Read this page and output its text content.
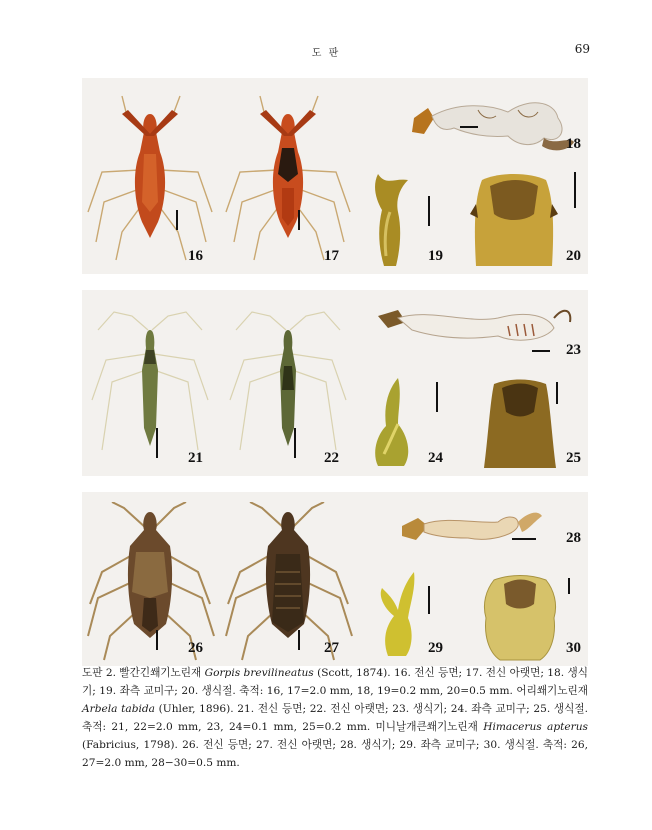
도 판	69
16	17
18
19	20
21	22
23
24	25
26	27
28
29	30
도판 2. 빨간긴쐐기노린재 Gorpis brevilineatus (Scott, 1874). 16. 전신 등면; 17. 전신 아랫면; 18. 생식기; 19. 좌측 교미구; 20. 생식절. 축적: 16, 17=2.0 mm, 18, 19=0.2 mm, 20=0.5 mm. 어리쐐기노린재 Arbela tabida (Uhler, 1896). 21. 전신 등면; 22. 전신 아랫면; 23. 생식기; 24. 좌측 교미구; 25. 생식절. 축적: 21, 22=2.0 mm, 23, 24=0.1 mm, 25=0.2 mm. 미니날개큰쐐기노린재 Himacerus apterus (Fabricius, 1798). 26. 전신 등면; 27. 전신 아랫면; 28. 생식기; 29. 좌측 교미구; 30. 생식절. 축적: 26, 27=2.0 mm, 28−30=0.5 mm.
